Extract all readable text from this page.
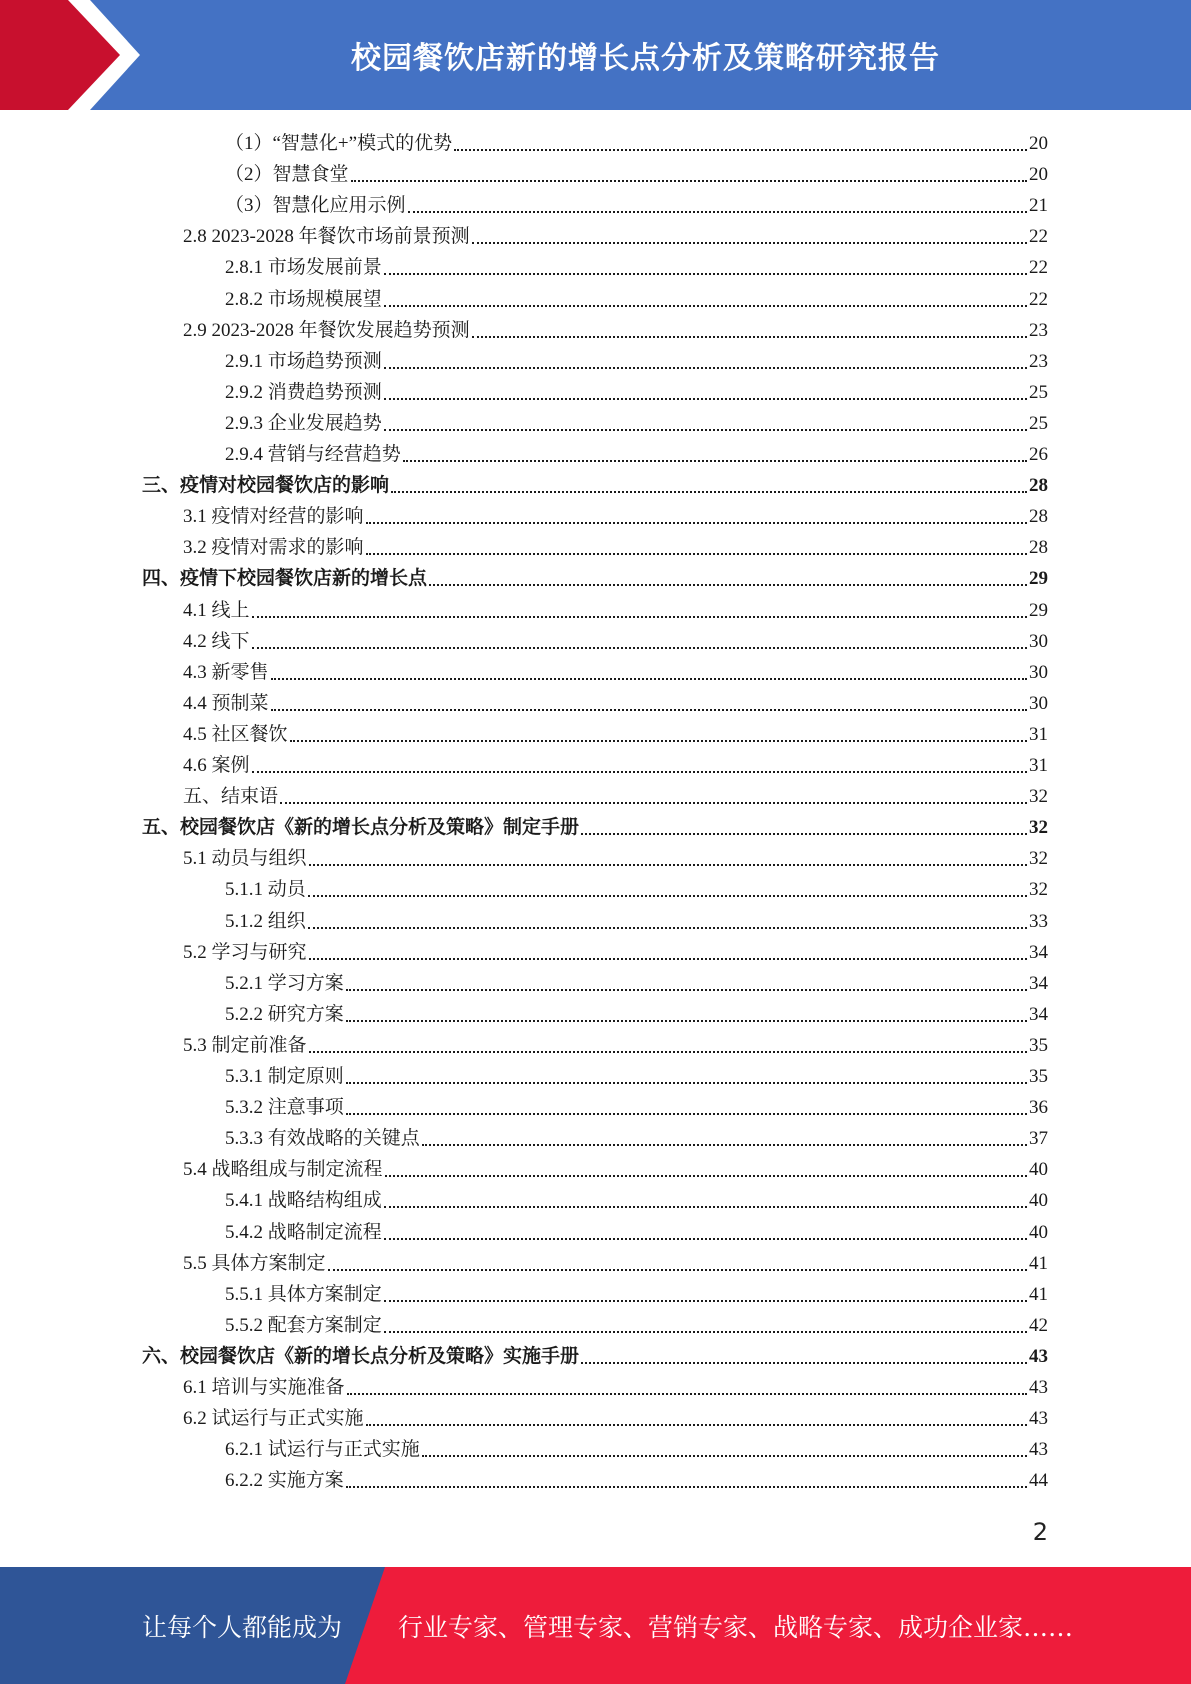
校园餐饮店新的增长点分析及策略研究报告
（1）“智慧化+”模式的优势	20
（2）智慧食堂	20
（3）智慧化应用示例	21
2.8 2023-2028 年餐饮市场前景预测	22
2.8.1 市场发展前景	22
2.8.2 市场规模展望	22
2.9 2023-2028 年餐饮发展趋势预测	23
2.9.1 市场趋势预测	23
2.9.2 消费趋势预测	25
2.9.3 企业发展趋势	25
2.9.4 营销与经营趋势	26
三、疫情对校园餐饮店的影响	28
3.1 疫情对经营的影响	28
3.2 疫情对需求的影响	28
四、疫情下校园餐饮店新的增长点	29
4.1 线上	29
4.2 线下	30
4.3 新零售	30
4.4 预制菜	30
4.5 社区餐饮	31
4.6 案例	31
五、结束语	32
五、校园餐饮店《新的增长点分析及策略》制定手册	32
5.1 动员与组织	32
5.1.1 动员	32
5.1.2 组织	33
5.2 学习与研究	34
5.2.1 学习方案	34
5.2.2 研究方案	34
5.3 制定前准备	35
5.3.1 制定原则	35
5.3.2 注意事项	36
5.3.3 有效战略的关键点	37
5.4 战略组成与制定流程	40
5.4.1 战略结构组成	40
5.4.2 战略制定流程	40
5.5 具体方案制定	41
5.5.1 具体方案制定	41
5.5.2 配套方案制定	42
六、校园餐饮店《新的增长点分析及策略》实施手册	43
6.1 培训与实施准备	43
6.2 试运行与正式实施	43
6.2.1 试运行与正式实施	43
6.2.2 实施方案	44
2
让每个人都能成为 行业专家、管理专家、营销专家、战略专家、成功企业家……
